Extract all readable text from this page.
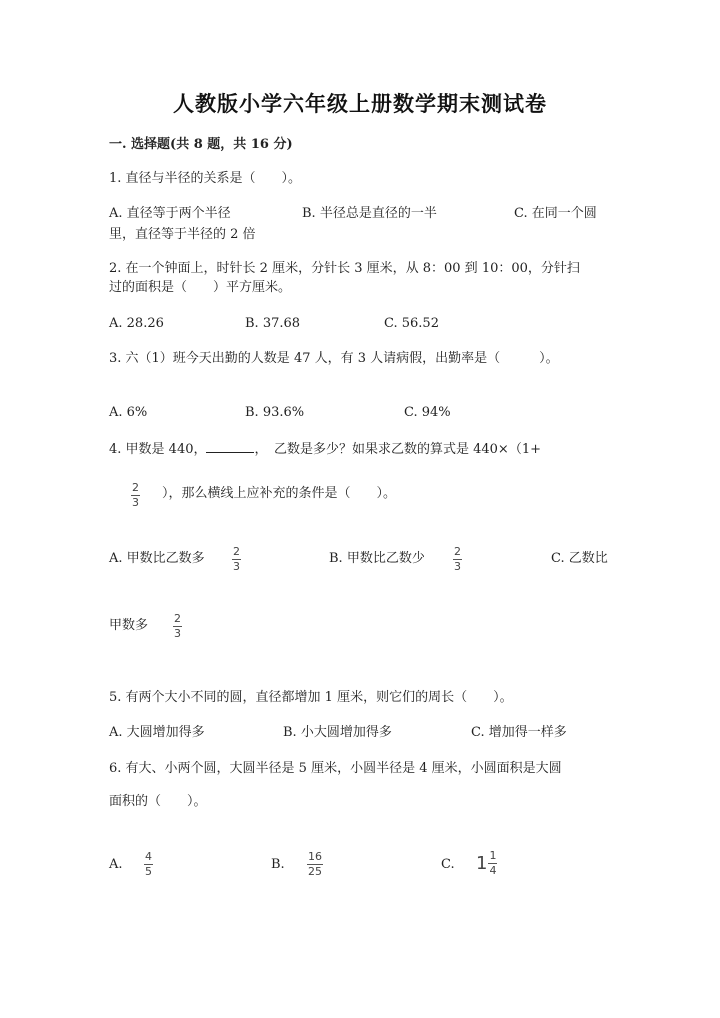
人教版小学六年级上册数学期末测试卷
一. 选择题(共 8 题，共 16 分)
1. 直径与半径的关系是（　　）。
A. 直径等于两个半径	B. 半径总是直径的一半	C. 在同一个圆
里，直径等于半径的 2 倍
2. 在一个钟面上，时针长 2 厘米，分针长 3 厘米，从 8：00 到 10：00，分针扫
过的面积是（　　）平方厘米。
A. 28.26	B. 37.68	C. 56.52
3. 六（1）班今天出勤的人数是 47 人，有 3 人请病假，出勤率是（　　　）。
A. 6%	B. 93.6%	C. 94%
4. 甲数是 440，	，　乙数是多少？如果求乙数的算式是 440×（1+
2
3
），那么横线上应补充的条件是（　　）。
A. 甲数比乙数多	2
3
B. 甲数比乙数少	2
3
C. 乙数比
甲数多 2
3
5. 有两个大小不同的圆，直径都增加 1 厘米，则它们的周长（　　）。
A. 大圆增加得多	B. 小大圆增加得多	C. 增加得一样多
6. 有大、小两个圆，大圆半径是 5 厘米，小圆半径是 4 厘米，小圆面积是大圆
面积的（　　）。
A.
4
5	B.
16
25	C. $1 \frac{1}{4}$
